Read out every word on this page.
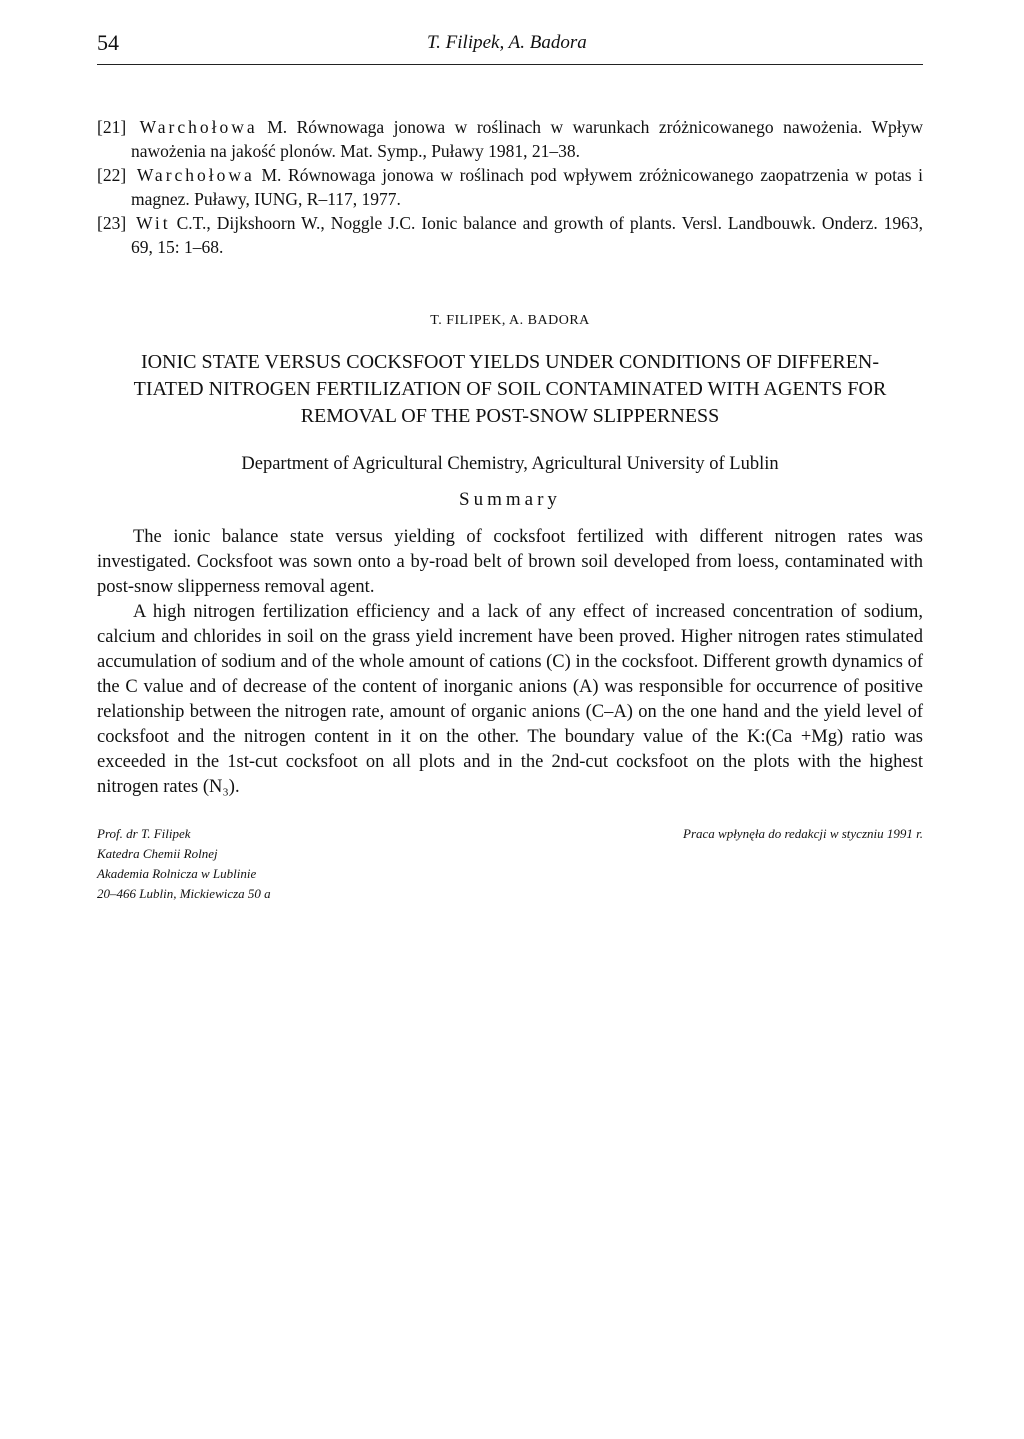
54	T. Filipek, A. Badora
[21] Warchołowa M. Równowaga jonowa w roślinach w warunkach zróżnicowanego nawożenia. Wpływ nawożenia na jakość plonów. Mat. Symp., Puławy 1981, 21–38.
[22] Warchołowa M. Równowaga jonowa w roślinach pod wpływem zróżnicowanego zaopatrzenia w potas i magnez. Puławy, IUNG, R–117, 1977.
[23] Wit C.T., Dijkshoorn W., Noggle J.C. Ionic balance and growth of plants. Versl. Landbouwk. Onderz. 1963, 69, 15: 1–68.
T. FILIPEK, A. BADORA
IONIC STATE VERSUS COCKSFOOT YIELDS UNDER CONDITIONS OF DIFFEREN-
TIATED NITROGEN FERTILIZATION OF SOIL CONTAMINATED WITH AGENTS FOR
REMOVAL OF THE POST-SNOW SLIPPERNESS
Department of Agricultural Chemistry, Agricultural University of Lublin
Summary

The ionic balance state versus yielding of cocksfoot fertilized with different nitrogen rates was investigated. Cocksfoot was sown onto a by-road belt of brown soil developed from loess, contaminated with post-snow slipperness removal agent.

A high nitrogen fertilization efficiency and a lack of any effect of increased concentration of sodium, calcium and chlorides in soil on the grass yield increment have been proved. Higher nitrogen rates stimulated accumulation of sodium and of the whole amount of cations (C) in the cocksfoot. Different growth dynamics of the C value and of decrease of the content of inorganic anions (A) was responsible for occurrence of positive relationship between the nitrogen rate, amount of organic anions (C–A) on the one hand and the yield level of cocksfoot and the nitrogen content in it on the other. The boundary value of the K:(Ca +Mg) ratio was exceeded in the 1st-cut cocksfoot on all plots and in the 2nd-cut cocksfoot on the plots with the highest nitrogen rates (N₃).

Prof. dr T. Filipek
Katedra Chemii Rolnej
Akademia Rolnicza w Lublinie
20–466 Lublin, Mickiewicza 50 a
Praca wpłynęła do redakcji w styczniu 1991 r.
